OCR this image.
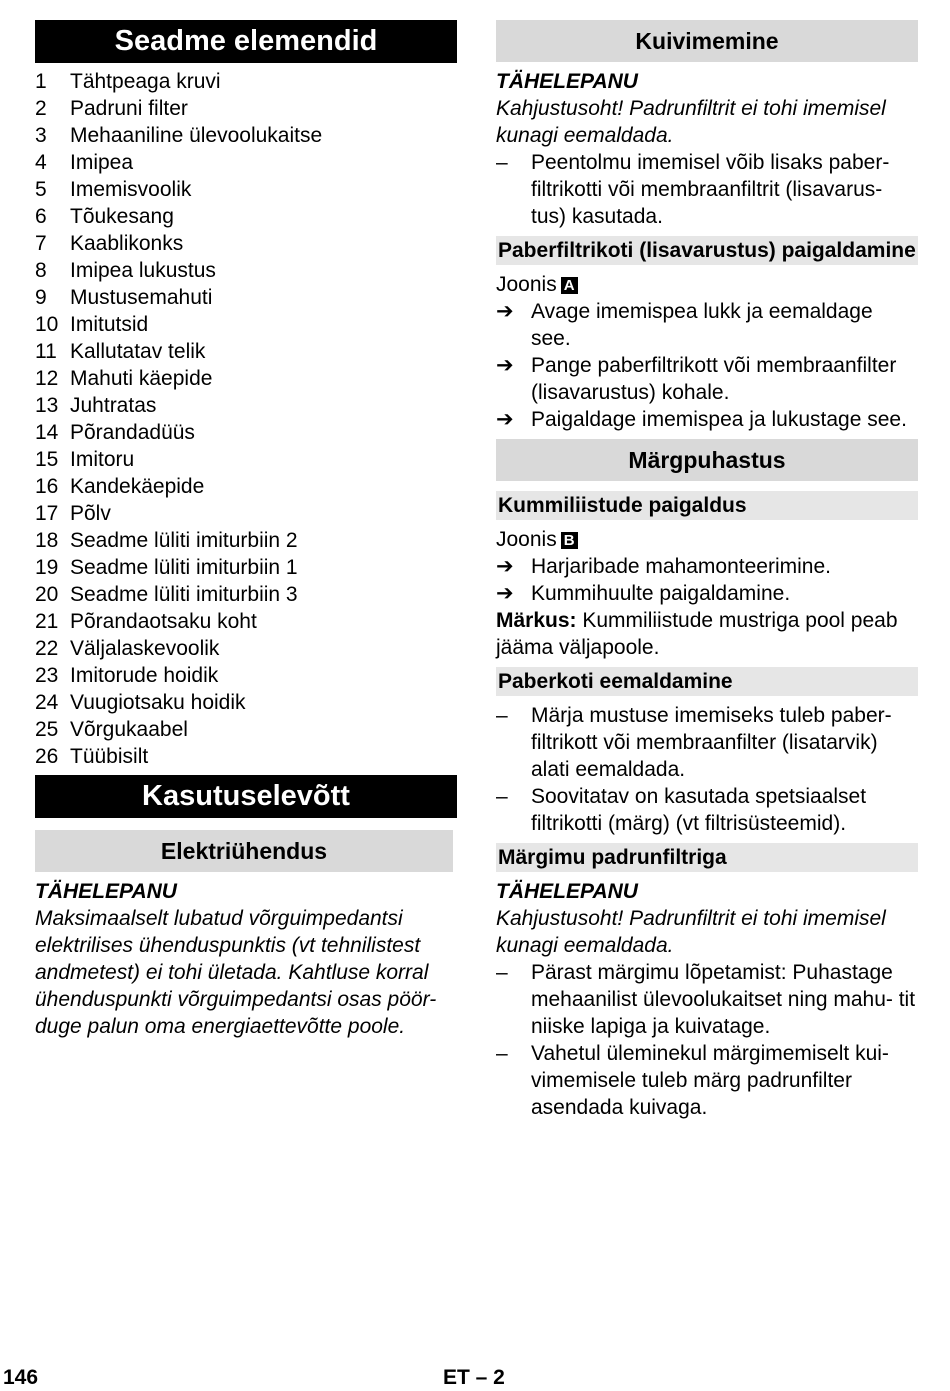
Seadme elemendid
1	Tähtpeaga kruvi
2	Padruni filter
3	Mehaaniline ülevoolukaitse
4	Imipea
5	Imemisvoolik
6	Tõukesang
7	Kaablikonks
8	Imipea lukustus
9	Mustusemahuti
10 Imitutsid
11 Kallutatav telik
12 Mahuti käepide
13 Juhtratas
14 Põrandadüüs
15 Imitoru
16 Kandekäepide
17 Põlv
18 Seadme lüliti imiturbiin 2
19 Seadme lüliti imiturbiin 1
20 Seadme lüliti imiturbiin 3
21 Põrandaotsaku koht
22 Väljalaskevoolik
23 Imitorude hoidik
24 Vuugiotsaku hoidik
25 Võrgukaabel
26 Tüübisilt
Kasutuselevõtt
Elektriühendus
TÄHELEPANU
Maksimaalselt lubatud võrguimpedantsi elektrilises ühenduspunktis (vt tehnilistest andmetest) ei tohi ületada. Kahtluse korral ühenduspunkti võrguimpedantsi osas pöör- duge palun oma energiaettevõtte poole.
Kuivimemine
TÄHELEPANU
Kahjustusoht! Padrunfiltrit ei tohi imemisel kunagi eemaldada.
–	Peentolmu imemisel võib lisaks paber- filtrikotti või membraanfiltrit (lisavarus- tus) kasutada.
Paberfiltrikoti (lisavarustus) paigaldamine
Joonis A
➔ Avage imemispea lukk ja eemaldage see.
➔ Pange paberfiltrikott või membraanfilter (lisavarustus) kohale.
➔ Paigaldage imemispea ja lukustage see.
Märgpuhastus
Kummiliistude paigaldus
Joonis B
➔ Harjaribade mahamonteerimine.
➔ Kummihuulte paigaldamine.
Märkus: Kummiliistude mustriga pool peab jääma väljapoole.
Paberkoti eemaldamine
–	Märja mustuse imemiseks tuleb paber- filtrikott või membraanfilter (lisatarvik) alati eemaldada.
–	Soovitatav on kasutada spetsiaalset filtrikotti (märg) (vt filtrisüsteemid).
Märgimu padrunfiltriga
TÄHELEPANU
Kahjustusoht! Padrunfiltrit ei tohi imemisel kunagi eemaldada.
–	Pärast märgimu lõpetamist: Puhastage mehaanilist ülevoolukaitset ning mahu- tit niiske lapiga ja kuivatage.
–	Vahetul üleminekul märgimemiselt kui- vimemisele tuleb märg padrunfilter asendada kuivaga.
146	ET – 2
